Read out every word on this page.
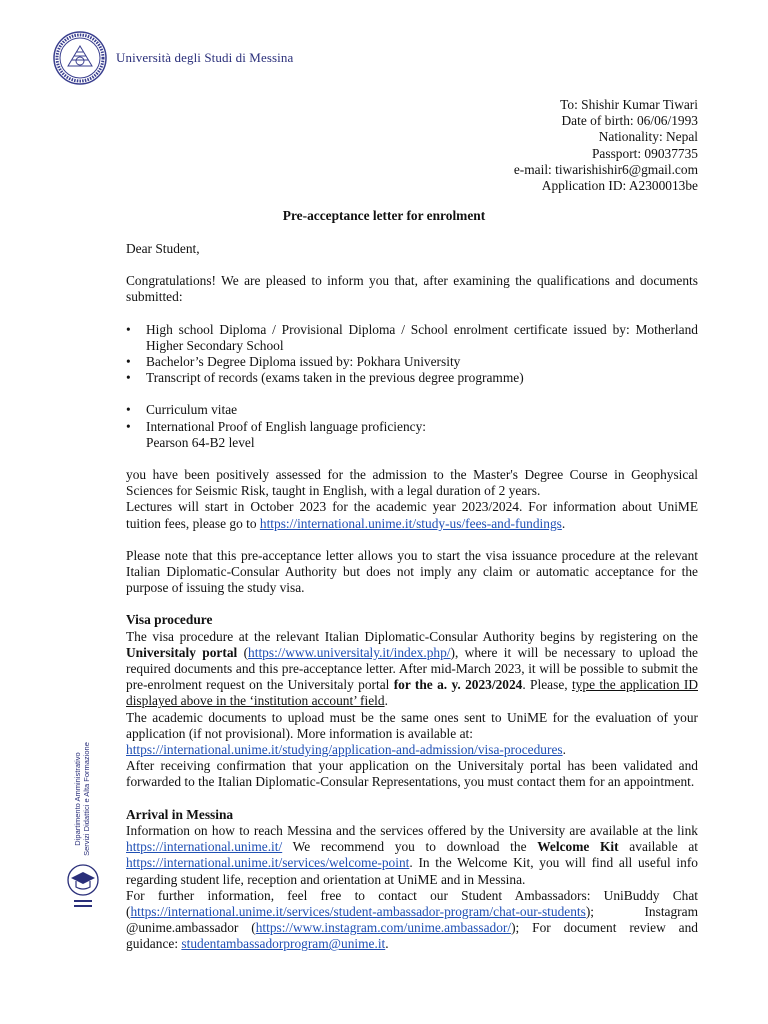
Università degli Studi di Messina
Dipartimento Amministrativo Servizi Didattici e Alta Formazione
To: Shishir Kumar Tiwari
Date of birth: 06/06/1993
Nationality: Nepal
Passport: 09037735
e-mail: tiwarishishir6@gmail.com
Application ID: A2300013be
Pre-acceptance letter for enrolment

Dear Student,

Congratulations! We are pleased to inform you that, after examining the qualifications and documents submitted:

• High school Diploma / Provisional Diploma / School enrolment certificate issued by: Motherland Higher Secondary School
• Bachelor’s Degree Diploma issued by: Pokhara University
• Transcript of records (exams taken in the previous degree programme)
• Curriculum vitae
• International Proof of English language proficiency:

Pearson 64-B2 level

you have been positively assessed for the admission to the Master's Degree Course in Geophysical Sciences for Seismic Risk, taught in English, with a legal duration of 2 years.

Lectures will start in October 2023 for the academic year 2023/2024. For information about UniME tuition fees, please go to https://international.unime.it/study-us/fees-and-fundings.

Please note that this pre-acceptance letter allows you to start the visa issuance procedure at the relevant Italian Diplomatic-Consular Authority but does not imply any claim or automatic acceptance for the purpose of issuing the study visa.

Visa procedure

The visa procedure at the relevant Italian Diplomatic-Consular Authority begins by registering on the Universitaly portal (https://www.universitaly.it/index.php/), where it will be necessary to upload the required documents and this pre-acceptance letter. After mid-March 2023, it will be possible to submit the pre-enrolment request on the Universitaly portal for the a. y. 2023/2024. Please, type the application ID displayed above in the ‘institution account’ field.

The academic documents to upload must be the same ones sent to UniME for the evaluation of your application (if not provisional). More information is available at:

https://international.unime.it/studying/application-and-admission/visa-procedures.

After receiving confirmation that your application on the Universitaly portal has been validated and forwarded to the Italian Diplomatic-Consular Representations, you must contact them for an appointment.

Arrival in Messina

Information on how to reach Messina and the services offered by the University are available at the link https://international.unime.it/ We recommend you to download the Welcome Kit available at https://international.unime.it/services/welcome-point. In the Welcome Kit, you will find all useful info regarding student life, reception and orientation at UniME and in Messina.

For further information, feel free to contact our Student Ambassadors: UniBuddy Chat (https://international.unime.it/services/student-ambassador-program/chat-our-students); Instagram @unime.ambassador (https://www.instagram.com/unime.ambassador/); For document review and guidance: studentambassadorprogram@unime.it.
